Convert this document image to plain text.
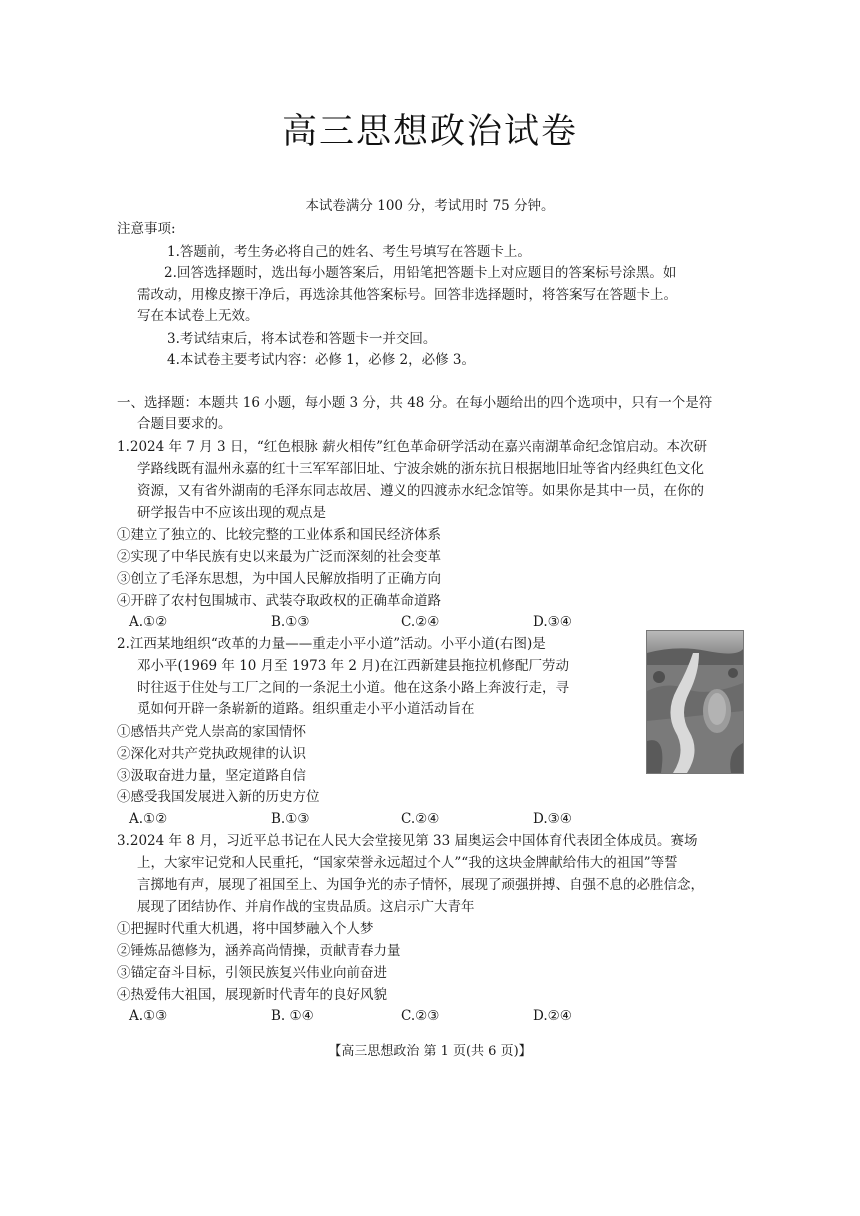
高三思想政治试卷
本试卷满分 100 分，考试用时 75 分钟。
注意事项:
1.答题前，考生务必将自己的姓名、考生号填写在答题卡上。
2.回答选择题时，选出每小题答案后，用铅笔把答题卡上对应题目的答案标号涂黑。如
需改动，用橡皮擦干净后，再选涂其他答案标号。回答非选择题时，将答案写在答题卡上。
写在本试卷上无效。
3.考试结束后，将本试卷和答题卡一并交回。
4.本试卷主要考试内容：必修 1，必修 2，必修 3。
一、选择题：本题共 16 小题，每小题 3 分，共 48 分。在每小题给出的四个选项中，只有一个是符
合题目要求的。
1.2024 年 7 月 3 日，“红色根脉 薪火相传”红色革命研学活动在嘉兴南湖革命纪念馆启动。本次研
学路线既有温州永嘉的红十三军军部旧址、宁波余姚的浙东抗日根据地旧址等省内经典红色文化
资源，又有省外湖南的毛泽东同志故居、遵义的四渡赤水纪念馆等。如果你是其中一员，在你的
研学报告中不应该出现的观点是
①建立了独立的、比较完整的工业体系和国民经济体系
②实现了中华民族有史以来最为广泛而深刻的社会变革
③创立了毛泽东思想，为中国人民解放指明了正确方向
④开辟了农村包围城市、武装夺取政权的正确革命道路
A.①②	B.①③	C.②④	D.③④
2.江西某地组织“改革的力量——重走小平小道”活动。小平小道(右图)是
邓小平(1969 年 10 月至 1973 年 2 月)在江西新建县拖拉机修配厂劳动
时往返于住处与工厂之间的一条泥土小道。他在这条小路上奔波行走，寻
觅如何开辟一条崭新的道路。组织重走小平小道活动旨在
①感悟共产党人崇高的家国情怀
②深化对共产党执政规律的认识
③汲取奋进力量，坚定道路自信
④感受我国发展进入新的历史方位
A.①②	B.①③	C.②④	D.③④
3.2024 年 8 月，习近平总书记在人民大会堂接见第 33 届奥运会中国体育代表团全体成员。赛场
上，大家牢记党和人民重托，“国家荣誉永远超过个人”“我的这块金牌献给伟大的祖国”等誓
言掷地有声，展现了祖国至上、为国争光的赤子情怀，展现了顽强拼搏、自强不息的必胜信念，
展现了团结协作、并肩作战的宝贵品质。这启示广大青年
①把握时代重大机遇，将中国梦融入个人梦
②锤炼品德修为，涵养高尚情操，贡献青春力量
③锚定奋斗目标，引领民族复兴伟业向前奋进
④热爱伟大祖国，展现新时代青年的良好风貌
A.①③	B. ①④	C.②③	D.②④
【高三思想政治 第 1 页(共 6 页)】
